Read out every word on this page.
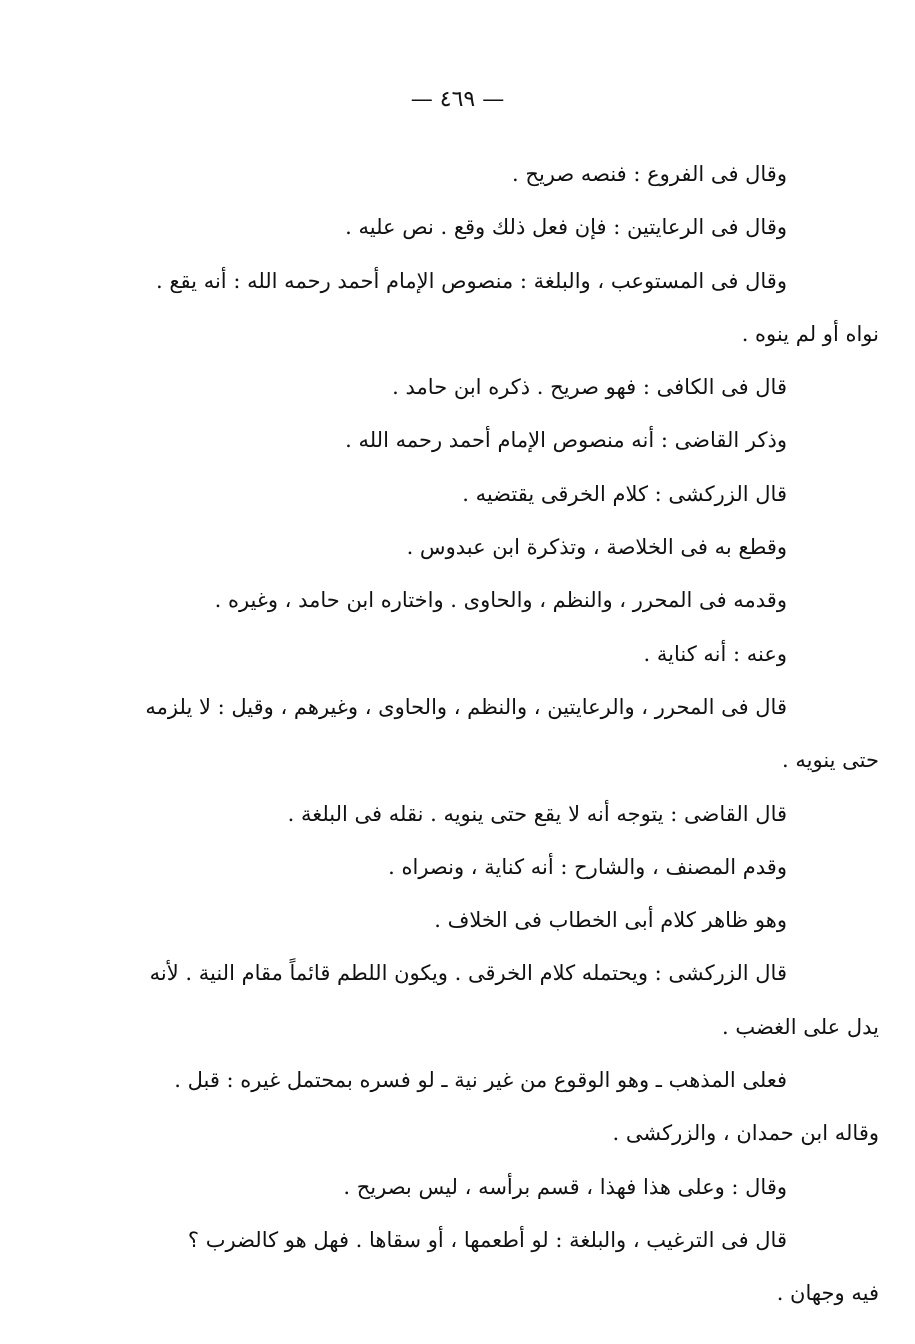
— ٤٦٩ —
وقال فى الفروع : فنصه صريح .
وقال فى الرعايتين : فإن فعل ذلك وقع . نص عليه .
وقال فى المستوعب ، والبلغة : منصوص الإمام أحمد رحمه الله : أنه يقع .
نواه أو لم ينوه .
قال فى الكافى : فهو صريح . ذكره ابن حامد .
وذكر القاضى : أنه منصوص الإمام أحمد رحمه الله .
قال الزركشى : كلام الخرقى يقتضيه .
وقطع به فى الخلاصة ، وتذكرة ابن عبدوس .
وقدمه فى المحرر ، والنظم ، والحاوى . واختاره ابن حامد ، وغيره .
وعنه : أنه كناية .
قال فى المحرر ، والرعايتين ، والنظم ، والحاوى ، وغيرهم ، وقيل : لا يلزمه
حتى ينويه .
قال القاضى : يتوجه أنه لا يقع حتى ينويه . نقله فى البلغة .
وقدم المصنف ، والشارح : أنه كناية ، ونصراه .
وهو ظاهر كلام أبى الخطاب فى الخلاف .
قال الزركشى : ويحتمله كلام الخرقى . ويكون اللطم قائماً مقام النية . لأنه
يدل على الغضب .
فعلى المذهب ـ وهو الوقوع من غير نية ـ لو فسره بمحتمل غيره : قبل .
وقاله ابن حمدان ، والزركشى .
وقال : وعلى هذا فهذا ، قسم برأسه ، ليس بصريح .
قال فى الترغيب ، والبلغة : لو أطعمها ، أو سقاها . فهل هو كالضرب ؟
فيه وجهان .
